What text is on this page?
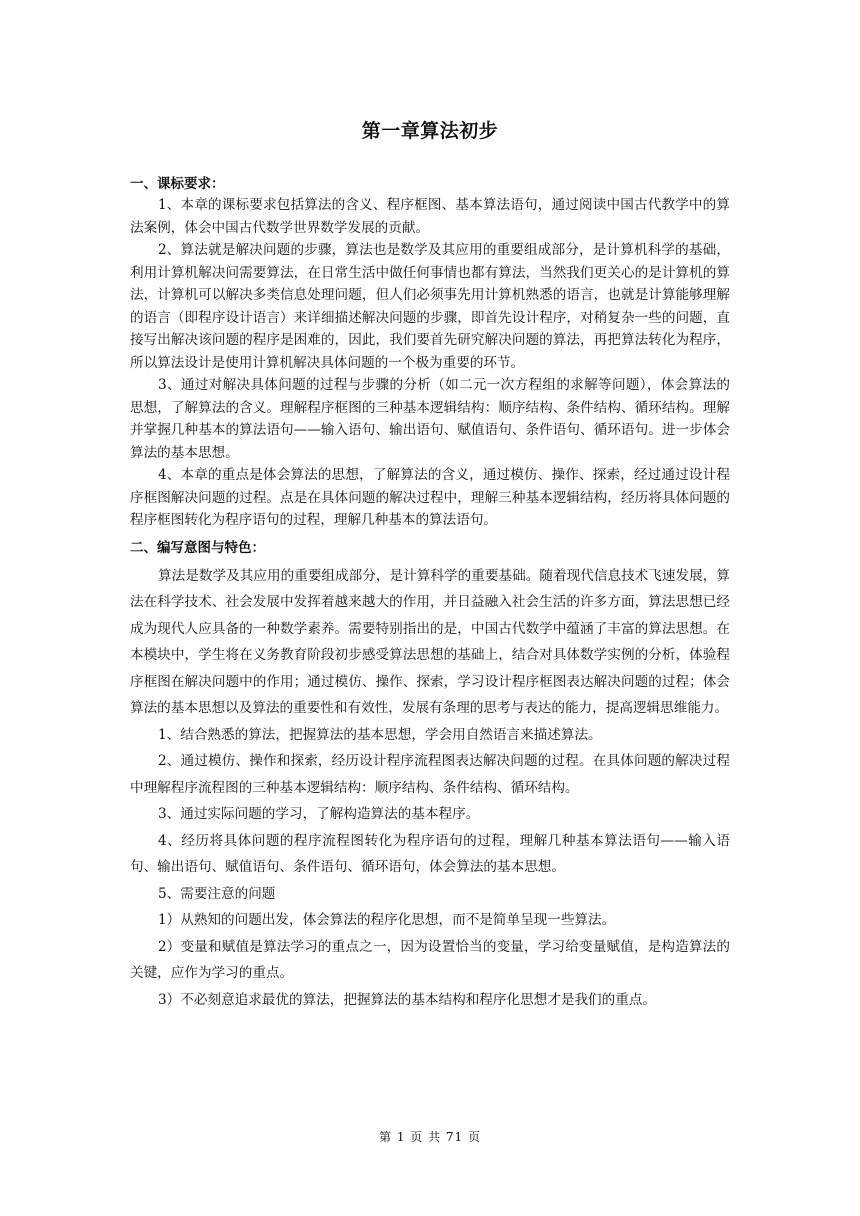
第一章算法初步

一、课标要求：

1、本章的课标要求包括算法的含义、程序框图、基本算法语句，通过阅读中国古代教学中的算法案例，体会中国古代数学世界数学发展的贡献。

2、算法就是解决问题的步骤，算法也是数学及其应用的重要组成部分，是计算机科学的基础，利用计算机解决问需要算法，在日常生活中做任何事情也都有算法，当然我们更关心的是计算机的算法，计算机可以解决多类信息处理问题，但人们必须事先用计算机熟悉的语言，也就是计算能够理解的语言（即程序设计语言）来详细描述解决问题的步骤，即首先设计程序，对稍复杂一些的问题，直接写出解决该问题的程序是困难的，因此，我们要首先研究解决问题的算法，再把算法转化为程序，所以算法设计是使用计算机解决具体问题的一个极为重要的环节。

3、通过对解决具体问题的过程与步骤的分析（如二元一次方程组的求解等问题），体会算法的思想，了解算法的含义。理解程序框图的三种基本逻辑结构：顺序结构、条件结构、循环结构。理解并掌握几种基本的算法语句——输入语句、输出语句、赋值语句、条件语句、循环语句。进一步体会算法的基本思想。

4、本章的重点是体会算法的思想，了解算法的含义，通过模仿、操作、探索，经过通过设计程序框图解决问题的过程。点是在具体问题的解决过程中，理解三种基本逻辑结构，经历将具体问题的程序框图转化为程序语句的过程，理解几种基本的算法语句。

二、编写意图与特色：

算法是数学及其应用的重要组成部分，是计算科学的重要基础。随着现代信息技术飞速发展，算法在科学技术、社会发展中发挥着越来越大的作用，并日益融入社会生活的许多方面，算法思想已经成为现代人应具备的一种数学素养。需要特别指出的是，中国古代数学中蕴涵了丰富的算法思想。在本模块中，学生将在义务教育阶段初步感受算法思想的基础上，结合对具体数学实例的分析，体验程序框图在解决问题中的作用；通过模仿、操作、探索，学习设计程序框图表达解决问题的过程；体会算法的基本思想以及算法的重要性和有效性，发展有条理的思考与表达的能力，提高逻辑思维能力。

1、结合熟悉的算法，把握算法的基本思想，学会用自然语言来描述算法。

2、通过模仿、操作和探索，经历设计程序流程图表达解决问题的过程。在具体问题的解决过程中理解程序流程图的三种基本逻辑结构：顺序结构、条件结构、循环结构。

3、通过实际问题的学习，了解构造算法的基本程序。

4、经历将具体问题的程序流程图转化为程序语句的过程，理解几种基本算法语句——输入语句、输出语句、赋值语句、条件语句、循环语句，体会算法的基本思想。

5、需要注意的问题

1）从熟知的问题出发，体会算法的程序化思想，而不是简单呈现一些算法。

2）变量和赋值是算法学习的重点之一，因为设置恰当的变量，学习给变量赋值，是构造算法的关键，应作为学习的重点。

3）不必刻意追求最优的算法，把握算法的基本结构和程序化思想才是我们的重点。

第 1 页 共 71 页
